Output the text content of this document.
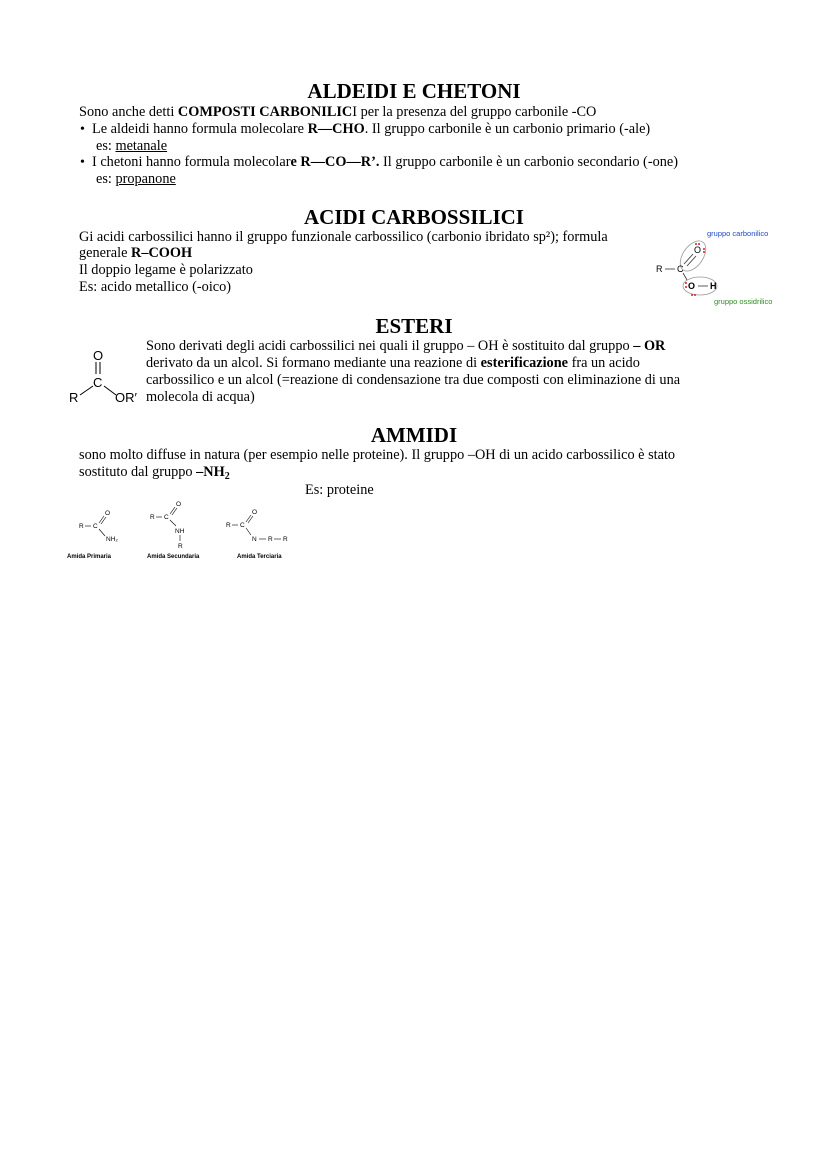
ALDEIDI E CHETONI

Sono anche detti COMPOSTI CARBONILICI per la presenza del gruppo carbonile -CO

• Le aldeidi hanno formula molecolare R—CHO. Il gruppo carbonile è un carbonio primario (-ale)

es: metanale

• I chetoni hanno formula molecolare R—CO—R’. Il gruppo carbonile è un carbonio secondario (-one)

es: propanone

ACIDI CARBOSSILICI

Gi acidi carbossilici hanno il gruppo funzionale carbossilico (carbonio ibridato sp²); formula

generale R–COOH

Il doppio legame è polarizzato

Es: acido metallico (-oico)

gruppo carbonilico
O
R C
O H
gruppo ossidrilico
ESTERI
O
C
R	OR′

Sono derivati degli acidi carbossilici nei quali il gruppo – OH è sostituito dal gruppo – OR

derivato da un alcol. Si formano mediante una reazione di esterificazione fra un acido

carbossilico e un alcol (=reazione di condensazione tra due composti con eliminazione di una

molecola di acqua)

AMMIDI

sono molto diffuse in natura (per esempio nelle proteine). Il gruppo –OH di un acido carbossilico è stato

sostituto dal gruppo $-NH_2$

Es: proteine

R C
O
NH₂
Amida Primaria
R C
O
NH
R
Amida Secundaria
R C
O
N R R
Amida Terciaria
